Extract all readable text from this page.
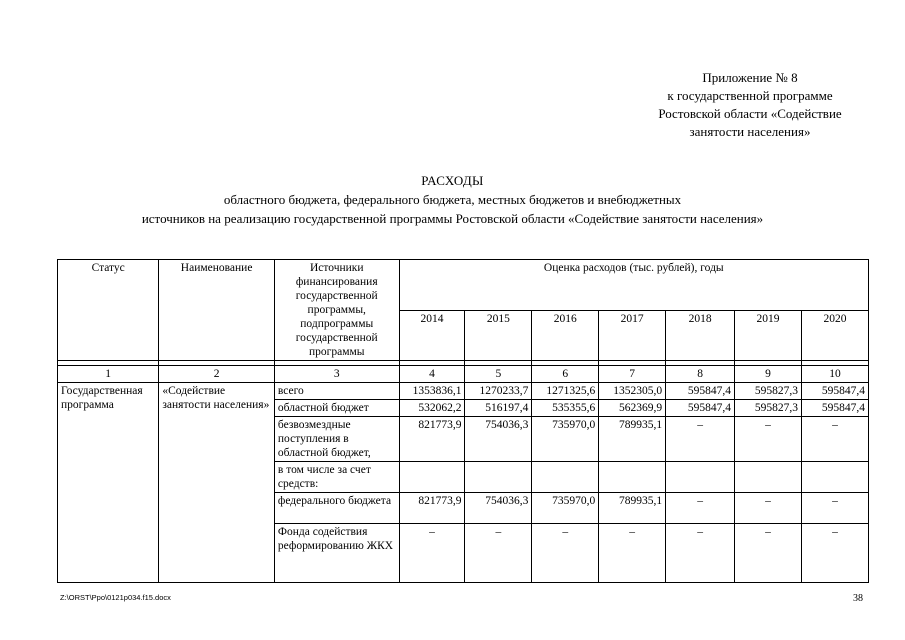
Приложение № 8
к государственной программе
Ростовской области «Содействие
занятости населения»
РАСХОДЫ
областного бюджета, федерального бюджета, местных бюджетов и внебюджетных
источников на реализацию государственной программы Ростовской области «Содействие занятости населения»
Статус	Наименование	Источники финансирования государственной программы, подпрограммы государственной программы	Оценка расходов (тыс. рублей), годы						
			2014	2015	2016	2017	2018	2019	2020

1	2	3	4	5	6	7	8	9	10
Государственная программа	«Содействие занятости населения»	всего	1353836,1	1270233,7	1271325,6	1352305,0	595847,4	595827,3	595847,4
		областной бюджет	532062,2	516197,4	535355,6	562369,9	595847,4	595827,3	595847,4
		безвозмездные поступления в областной бюджет,	821773,9	754036,3	735970,0	789935,1	–	–	–
		в том числе за счет средств:							
		федерального бюджета	821773,9	754036,3	735970,0	789935,1	–	–	–
		Фонда содействия реформированию ЖКХ	–	–	–	–	–	–	–
Z:\ORST\Ppo\0121p034.f15.docx	38
